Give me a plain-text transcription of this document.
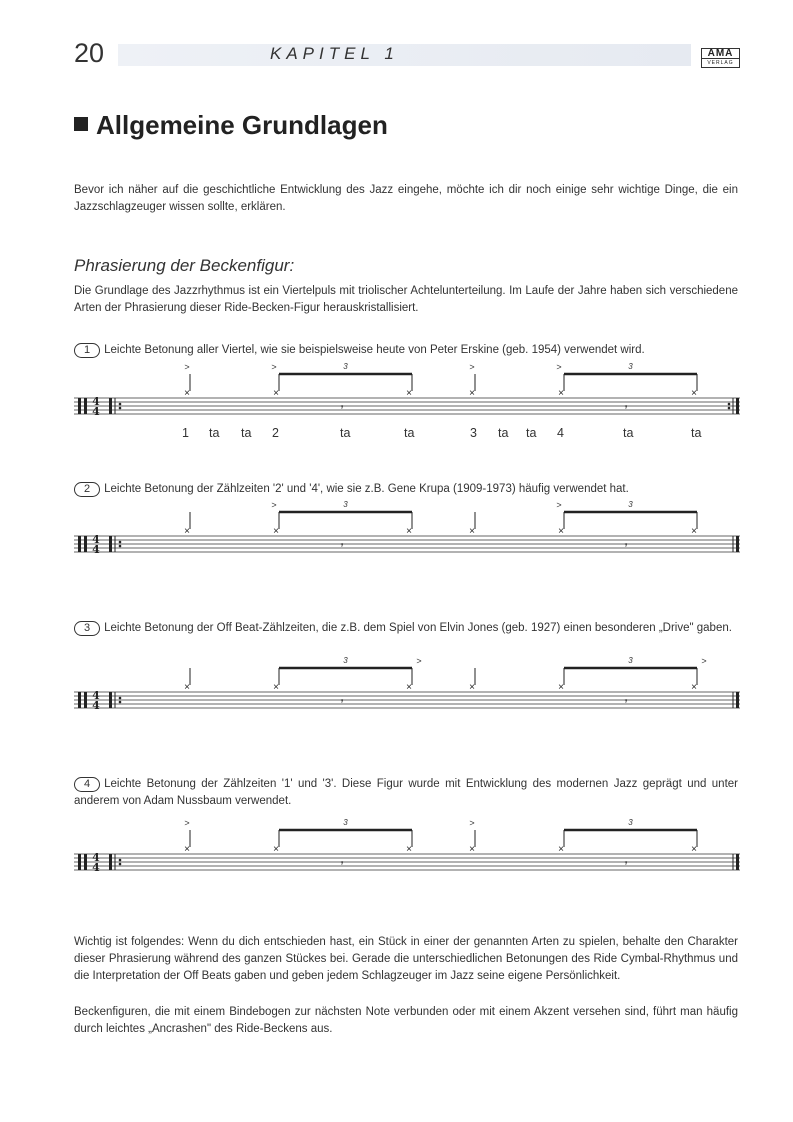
20	KAPITEL 1	AMA
VERLAG
Allgemeine Grundlagen

Bevor ich näher auf die geschichtliche Entwicklung des Jazz eingehe, möchte ich dir noch einige sehr wichtige Dinge, die ein Jazzschlagzeuger wissen sollte, erklären.

Phrasierung der Beckenfigur:

Die Grundlage des Jazzrhythmus ist ein Viertelpuls mit triolischer Achtelunterteilung. Im Laufe der Jahre haben sich verschiedene Arten der Phrasierung dieser Ride-Becken-Figur herauskristallisiert.

1 Leichte Betonung aller Viertel, wie sie beispielsweise heute von Peter Erskine (geb. 1954) verwendet wird.
4
4
×
>
×	×
3
>
𝄾
×
>
×	×
3
>
𝄾
1 ta ta 2	ta	ta	3 ta ta 4	ta	ta
2 Leichte Betonung der Zählzeiten '2' und '4', wie sie z.B. Gene Krupa (1909-1973) häufig verwendet hat.
4
4
×	×	×
3
>
𝄾
×	×	×
3
>
𝄾
3 Leichte Betonung der Off Beat-Zählzeiten, die z.B. dem Spiel von Elvin Jones (geb. 1927) einen besonderen „Drive" gaben.
4
4
×	×	×
3	>
𝄾
×	×	×
3	>
𝄾
4 Leichte Betonung der Zählzeiten '1' und '3'. Diese Figur wurde mit Entwicklung des modernen Jazz geprägt und unter anderem von Adam Nussbaum verwendet.
4
4
×
>
×	×
3
𝄾
×
>
×	×
3
𝄾

Wichtig ist folgendes: Wenn du dich entschieden hast, ein Stück in einer der genannten Arten zu spielen, behalte den Charakter dieser Phrasierung während des ganzen Stückes bei. Gerade die unterschiedlichen Betonungen des Ride Cymbal-Rhythmus und die Interpretation der Off Beats gaben und geben jedem Schlagzeuger im Jazz seine eigene Persönlichkeit.

Beckenfiguren, die mit einem Bindebogen zur nächsten Note verbunden oder mit einem Akzent versehen sind, führt man häufig durch leichtes „Ancrashen" des Ride-Beckens aus.
